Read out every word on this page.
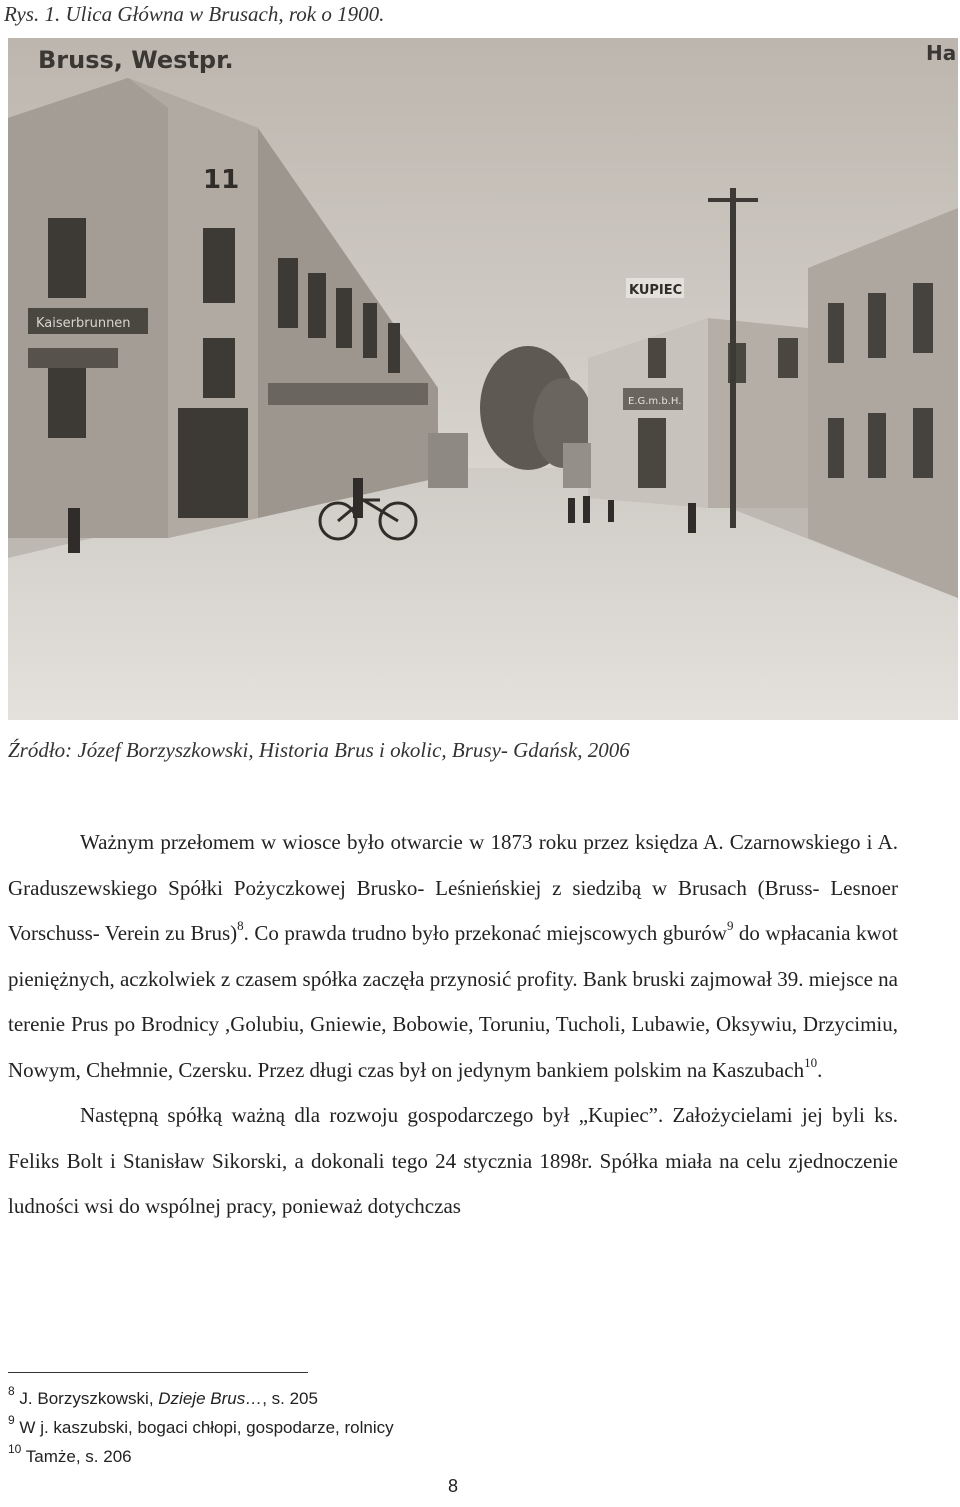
Rys. 1. Ulica Główna w Brusach, rok o 1900.
Bruss, Westpr.	Ha
11
Kaiserbrunnen
KUPIEC
E.G.m.b.H.
Źródło: Józef Borzyszkowski, Historia Brus i okolic, Brusy- Gdańsk, 2006

Ważnym przełomem w wiosce było otwarcie w 1873 roku przez księdza A. Czarnowskiego i A. Graduszewskiego Spółki Pożyczkowej Brusko- Leśnieńskiej z siedzibą w Brusach (Bruss- Lesnoer Vorschuss- Verein zu Brus)$^8$. Co prawda trudno było przekonać miejscowych gburów$^9$ do wpłacania kwot pieniężnych, aczkolwiek z czasem spółka zaczęła przynosić profity. Bank bruski zajmował 39. miejsce na terenie Prus po Brodnicy ,Golubiu, Gniewie, Bobowie, Toruniu, Tucholi, Lubawie, Oksywiu, Drzycimiu, Nowym, Chełmnie, Czersku. Przez długi czas był on jedynym bankiem polskim na Kaszubach$^{10}$.

Następną spółką ważną dla rozwoju gospodarczego był „Kupiec”. Założycielami jej byli ks. Feliks Bolt i Stanisław Sikorski, a dokonali tego 24 stycznia 1898r. Spółka miała na celu zjednoczenie ludności wsi do wspólnej pracy, ponieważ dotychczas

$^8$ J. Borzyszkowski, Dzieje Brus…, s. 205
$^9$ W j. kaszubski, bogaci chłopi, gospodarze, rolnicy
$^{10}$ Tamże, s. 206
8
